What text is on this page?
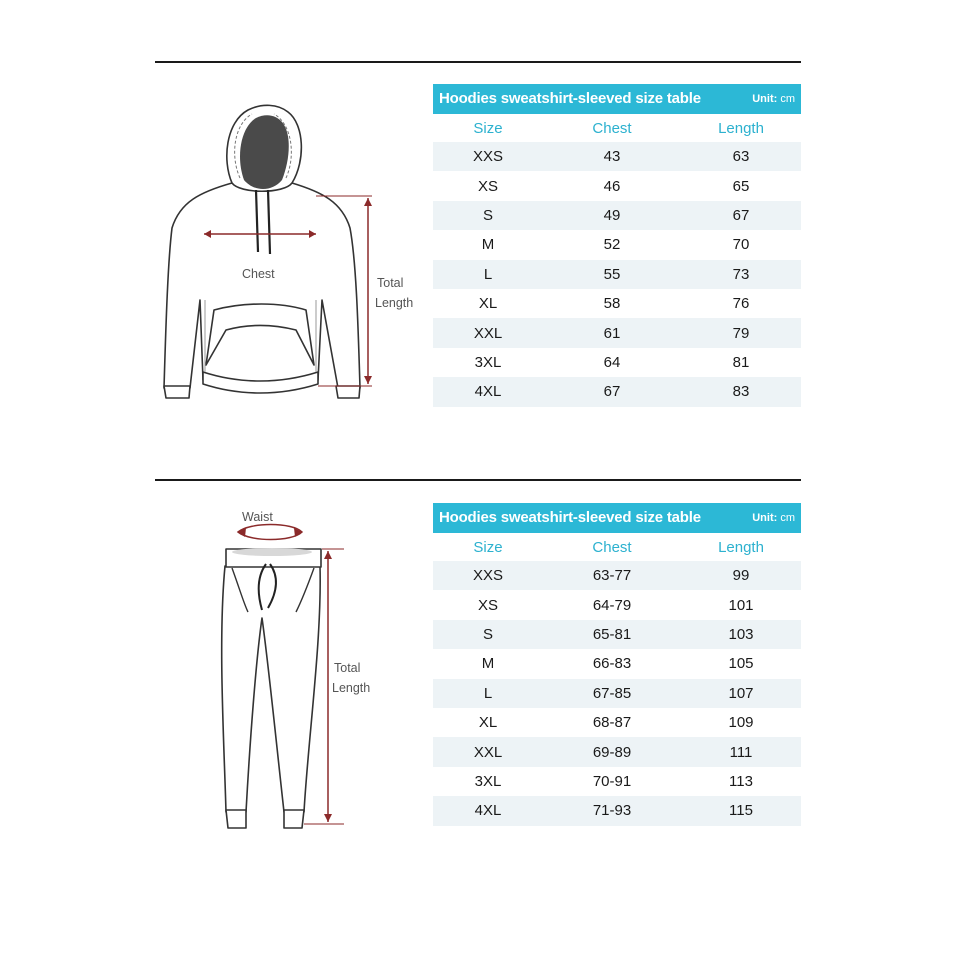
Chest
Total
Length
Hoodies sweatshirt-sleeved size table Unit: cm		

Size	Chest	Length
XXS	43	63
XS	46	65
S	49	67
M	52	70
L	55	73
XL	58	76
XXL	61	79
3XL	64	81
4XL	67	83
Waist
Total
Length
Hoodies sweatshirt-sleeved size table Unit: cm		

Size	Chest	Length
XXS	63-77	99
XS	64-79	101
S	65-81	103
M	66-83	105
L	67-85	107
XL	68-87	109
XXL	69-89	111
3XL	70-91	113
4XL	71-93	115
